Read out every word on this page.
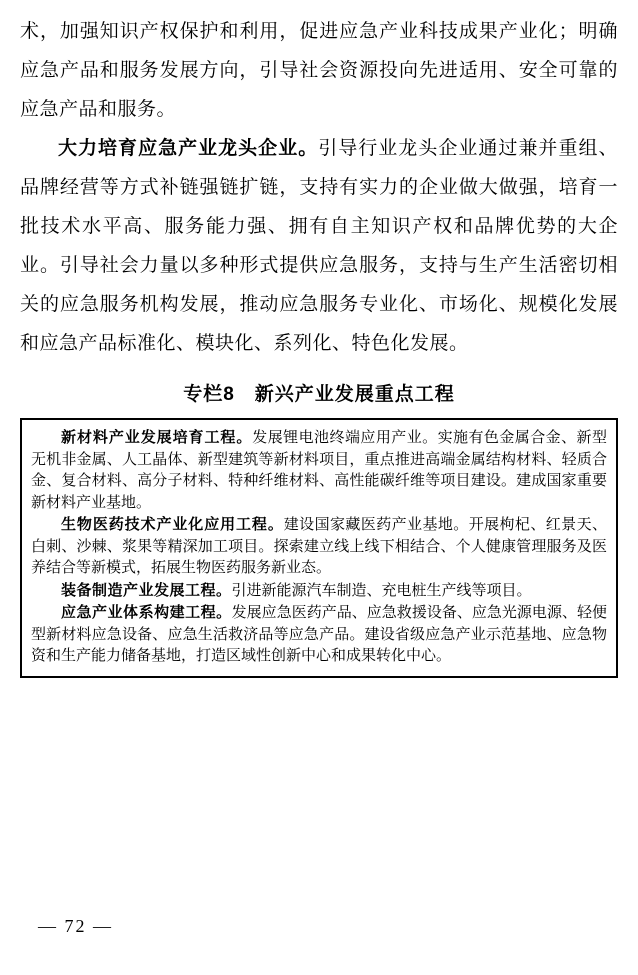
术，加强知识产权保护和利用，促进应急产业科技成果产业化；明确应急产品和服务发展方向，引导社会资源投向先进适用、安全可靠的应急产品和服务。

大力培育应急产业龙头企业。引导行业龙头企业通过兼并重组、品牌经营等方式补链强链扩链，支持有实力的企业做大做强，培育一批技术水平高、服务能力强、拥有自主知识产权和品牌优势的大企业。引导社会力量以多种形式提供应急服务，支持与生产生活密切相关的应急服务机构发展，推动应急服务专业化、市场化、规模化发展和应急产品标准化、模块化、系列化、特色化发展。

专栏8　新兴产业发展重点工程

新材料产业发展培育工程。发展锂电池终端应用产业。实施有色金属合金、新型无机非金属、人工晶体、新型建筑等新材料项目，重点推进高端金属结构材料、轻质合金、复合材料、高分子材料、特种纤维材料、高性能碳纤维等项目建设。建成国家重要新材料产业基地。

生物医药技术产业化应用工程。建设国家藏医药产业基地。开展枸杞、红景天、白刺、沙棘、浆果等精深加工项目。探索建立线上线下相结合、个人健康管理服务及医养结合等新模式，拓展生物医药服务新业态。

装备制造产业发展工程。引进新能源汽车制造、充电桩生产线等项目。

应急产业体系构建工程。发展应急医药产品、应急救援设备、应急光源电源、轻便型新材料应急设备、应急生活救济品等应急产品。建设省级应急产业示范基地、应急物资和生产能力储备基地，打造区域性创新中心和成果转化中心。

— 72 —
